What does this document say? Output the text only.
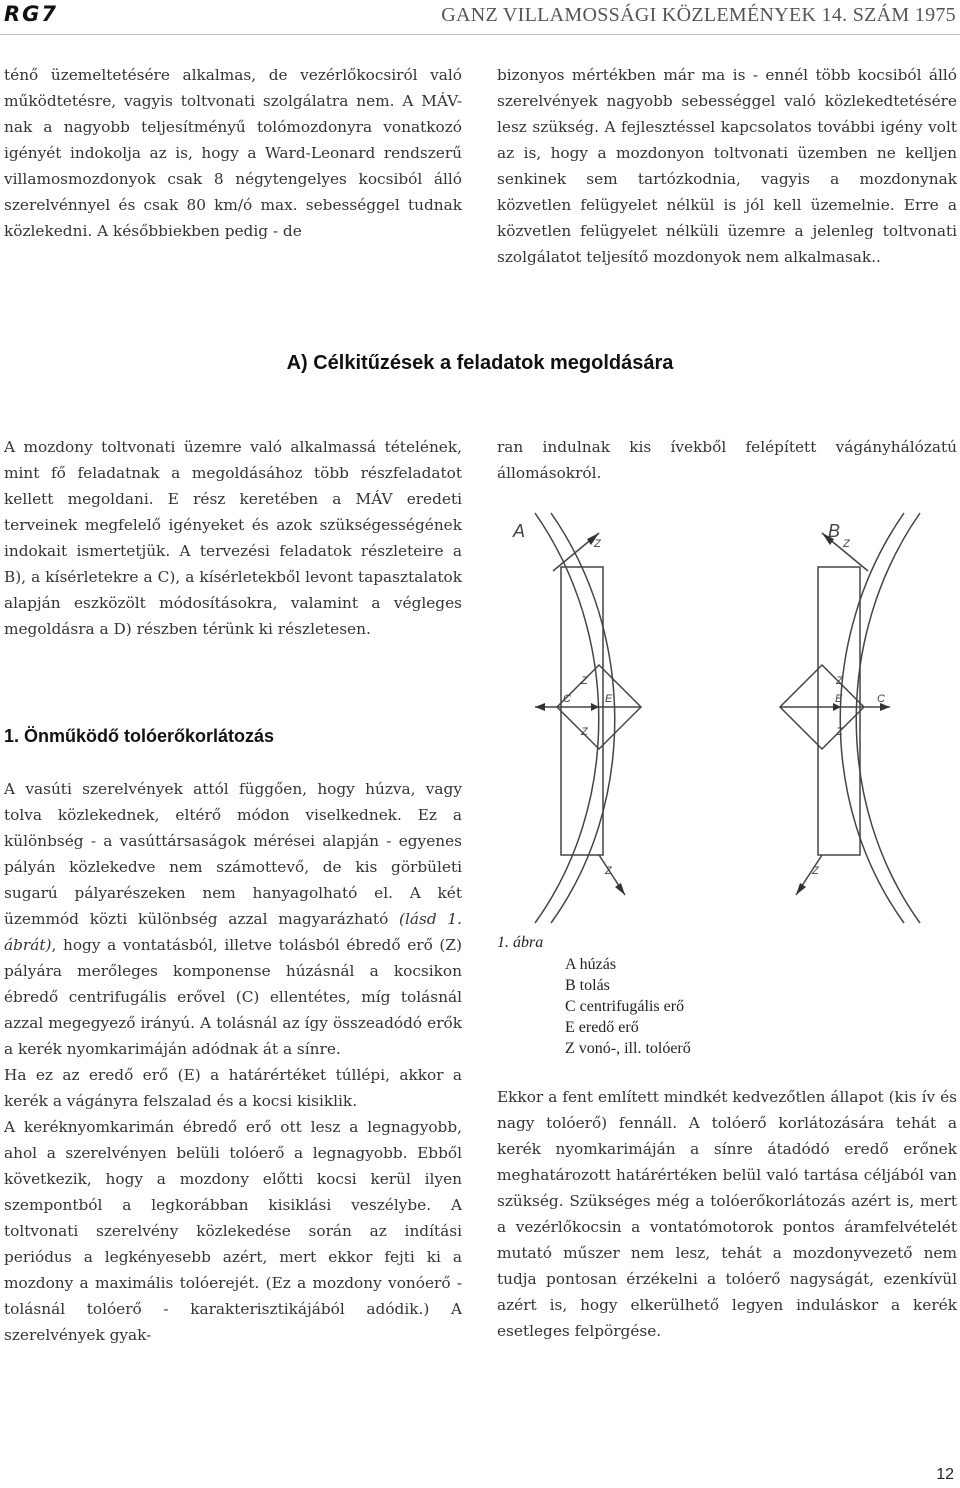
RG7	GANZ VILLAMOSSÁGI KÖZLEMÉNYEK 14. SZÁM 1975

ténő üzemeltetésére alkalmas, de vezérlőkocsiról való működtetésre, vagyis toltvonati szolgálatra nem. A MÁV-nak a nagyobb teljesítményű tolómozdonyra vonatkozó igényét indokolja az is, hogy a Ward-Leonard rendszerű villamosmozdonyok csak 8 négytengelyes kocsiból álló szerelvénnyel és csak 80 km/ó max. sebességgel tudnak közlekedni. A későbbiekben pedig - de

bizonyos mértékben már ma is - ennél több kocsiból álló szerelvények nagyobb sebességgel való közlekedtetésére lesz szükség. A fejlesztéssel kapcsolatos további igény volt az is, hogy a mozdonyon toltvonati üzemben ne kelljen senkinek sem tartózkodnia, vagyis a mozdonynak közvetlen felügyelet nélkül is jól kell üzemelnie. Erre a közvetlen felügyelet nélküli üzemre a jelenleg toltvonati szolgálatot teljesítő mozdonyok nem alkalmasak..

A) Célkitűzések a feladatok megoldására

A mozdony toltvonati üzemre való alkalmassá tételének, mint fő feladatnak a megoldásához több részfeladatot kellett megoldani. E rész keretében a MÁV eredeti terveinek megfelelő igényeket és azok szükségességének indokait ismertetjük. A tervezési feladatok részleteire a B), a kísérletekre a C), a kísérletekből levont tapasztalatok alapján eszközölt módosításokra, valamint a végleges megoldásra a D) részben térünk ki részletesen.

ran indulnak kis ívekből felépített vágányhálózatú állomásokról.

1. Önműködő tolóerőkorlátozás

A vasúti szerelvények attól függően, hogy húzva, vagy tolva közlekednek, eltérő módon viselkednek. Ez a különbség - a vasúttársaságok mérései alapján - egyenes pályán közlekedve nem számottevő, de kis görbületi sugarú pályarészeken nem hanyagolható el. A két üzemmód közti különbség azzal magyarázható (lásd 1. ábrát), hogy a vontatásból, illetve tolásból ébredő erő (Z) pályára merőleges komponense húzásnál a kocsikon ébredő centrifugális erővel (C) ellentétes, míg tolásnál azzal megegyező irányú. A tolásnál az így összeadódó erők a kerék nyomkarimáján adódnak át a sínre.

Ha ez az eredő erő (E) a határértéket túllépi, akkor a kerék a vágányra felszalad és a kocsi kisiklik.

A keréknyomkarimán ébredő erő ott lesz a legnagyobb, ahol a szerelvényen belüli tolóerő a legnagyobb. Ebből következik, hogy a mozdony előtti kocsi kerül ilyen szempontból a legkorábban kisiklási veszélybe. A toltvonati szerelvény közlekedése során az indítási periódus a legkényesebb azért, mert ekkor fejti ki a mozdony a maximális tolóerejét. (Ez a mozdony vonóerő - tolásnál tolóerő - karakterisztikájából adódik.) A szerelvények gyak-

A	B
Z	Z
Z	Z
Z	Z
Z	Z
C	C
E	E
1. ábra
A húzás
B tolás
C centrifugális erő
E eredő erő
Z vonó-, ill. tolóerő

Ekkor a fent említett mindkét kedvezőtlen állapot (kis ív és nagy tolóerő) fennáll. A tolóerő korlátozására tehát a kerék nyomkarimáján a sínre átadódó eredő erőnek meghatározott határértéken belül való tartása céljából van szükség. Szükséges még a tolóerőkorlátozás azért is, mert a vezérlőkocsin a vontatómotorok pontos áramfelvételét mutató műszer nem lesz, tehát a mozdonyvezető nem tudja pontosan érzékelni a tolóerő nagyságát, ezenkívül azért is, hogy elkerülhető legyen induláskor a kerék esetleges felpörgése.

12
